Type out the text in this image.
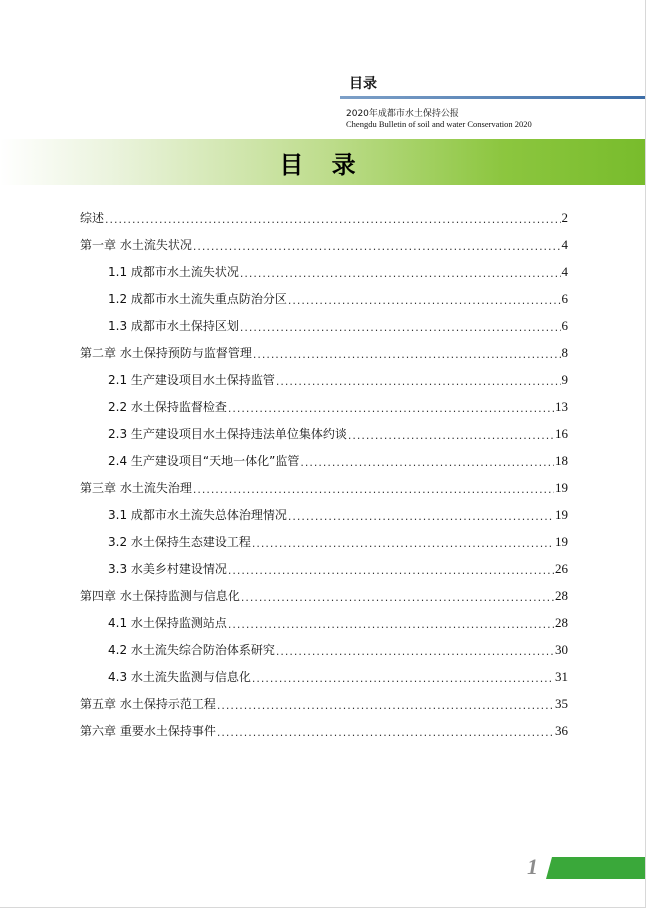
目录
2020年成都市水土保持公报
Chengdu Bulletin of soil and water Conservation 2020
目 录
综述 .....	2
第一章 水土流失状况 .....	4
1.1 成都市水土流失状况 .....	4
1.2 成都市水土流失重点防治分区 .....	6
1.3 成都市水土保持区划 .....	6
第二章 水土保持预防与监督管理 .....	8
2.1 生产建设项目水土保持监管 .....	9
2.2 水土保持监督检查 .....	13
2.3 生产建设项目水土保持违法单位集体约谈 .....	16
2.4 生产建设项目“天地一体化”监管 .....	18
第三章 水土流失治理 .....	19
3.1 成都市水土流失总体治理情况 .....	19
3.2 水土保持生态建设工程 .....	19
3.3 水美乡村建设情况 .....	26
第四章 水土保持监测与信息化 .....	28
4.1 水土保持监测站点 .....	28
4.2 水土流失综合防治体系研究 .....	30
4.3 水土流失监测与信息化 .....	31
第五章 水土保持示范工程 .....	35
第六章 重要水土保持事件 .....	36
1
